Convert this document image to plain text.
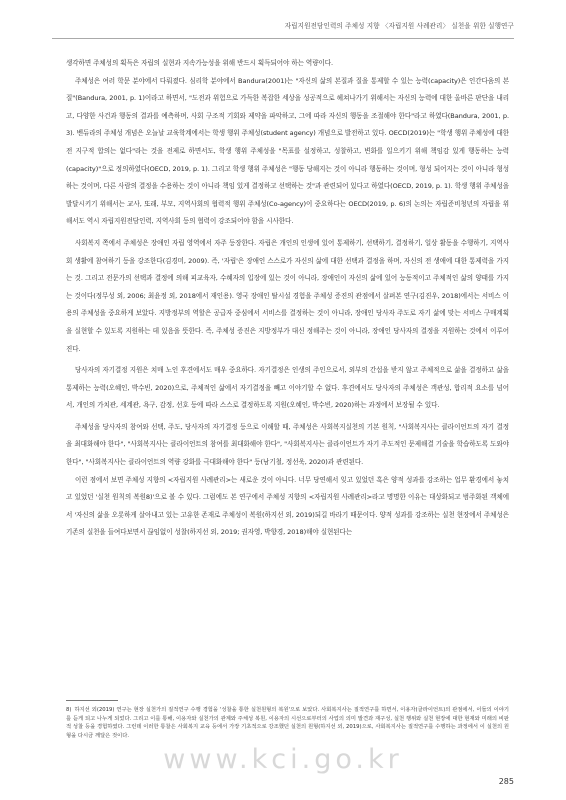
자립지원전담인력의 주체성 지향 〈자립지원 사례관리〉 실천을 위한 실행연구

생각하면 주체성의 획득은 자립의 실현과 지속가능성을 위해 반드시 획득되어야 하는 역량이다.

주체성은 여러 학문 분야에서 다뤄졌다. 심리학 분야에서 Bandura(2001)는 "자신의 삶의 본질과 질을 통제할 수 있는 능력(capacity)은 인간다움의 본질"(Bandura, 2001, p. 1)이라고 하면서, "도전과 위험으로 가득한 복잡한 세상을 성공적으로 헤쳐나가기 위해서는 자신의 능력에 대한 올바른 판단을 내리고, 다양한 사건과 행동의 결과를 예측하며, 사회 구조적 기회와 제약을 파악하고, 그에 따라 자신의 행동을 조절해야 한다"라고 하였다(Bandura, 2001, p. 3). 벤듀라의 주체성 개념은 오늘날 교육학계에서는 학생 행위 주체성(student agency) 개념으로 발전하고 있다. OECD(2019)는 "학생 행위 주체성에 대한 전 지구적 합의는 없다"라는 것을 전제로 하면서도, 학생 행위 주체성을 "목표를 설정하고, 성찰하고, 변화를 일으키기 위해 책임감 있게 행동하는 능력(capacity)"으로 정의하였다(OECD, 2019, p. 1). 그리고 학생 행위 주체성은 "행동 당해지는 것이 아니라 행동하는 것이며, 형성 되어지는 것이 아니라 형성하는 것이며, 다른 사람의 결정을 수용하는 것이 아니라 책임 있게 결정하고 선택하는 것"과 관련되어 있다고 하였다(OECD, 2019, p. 1). 학생 행위 주체성을 발달시키기 위해서는 교사, 또래, 부모, 지역사회의 협력적 행위 주체성(Co-agency)이 중요하다는 OECD(2019, p. 6)의 논의는 자립준비청년의 자립을 위해서도 역시 자립지원전담인력, 지역사회 등의 협력이 강조되어야 함을 시사한다.

사회복지 쪽에서 주체성은 장애인 자립 영역에서 자주 등장한다. 자립은 개인의 인생에 있어 통제하기, 선택하기, 결정하기, 일상 활동을 수행하기, 지역사회 생활에 참여하기 등을 강조한다(김경미, 2009). 즉, '자립'은 장애인 스스로가 자신의 삶에 대한 선택과 결정을 하며, 자신의 전 생애에 대한 통제력을 가지는 것. 그리고 전문가의 선택과 결정에 의해 피교육자, 수혜자의 입장에 있는 것이 아니라, 장애인이 자신의 삶에 있어 능동적이고 주체적인 삶의 양태를 가지는 것이다(정무성 외, 2006; 최윤정 외, 2018에서 재인용). 영국 장애인 탈시설 경험을 주체성 증진의 관점에서 살펴본 연구(김진우, 2018)에서는 서비스 이용의 주체성을 중요하게 보았다. 지방정부의 역할은 공급자 중심에서 서비스를 결정하는 것이 아니라, 장애인 당사자 주도로 자기 삶에 맞는 서비스 구매계획을 실현할 수 있도록 지원하는 데 있음을 뜻한다. 즉, 주체성 증진은 지방정부가 대신 정해주는 것이 아니라, 장애인 당사자의 결정을 지원하는 것에서 이루어진다.

당사자의 자기결정 지원은 치매 노인 후견에서도 매우 중요하다. 자기결정은 인생의 주인으로서, 외부의 간섭을 받지 않고 주체적으로 삶을 결정하고 삶을 통제하는 능력(오혜인, 박수빈, 2020)으로, 주체적인 삶에서 자기결정을 빼고 이야기할 수 없다. 후견에서도 당사자의 주체성은 객관성, 합리적 요소를 넘어서, 개인의 가치관, 세계관, 욕구, 감정, 선호 등에 따라 스스로 결정하도록 지원(오혜인, 박수빈, 2020)하는 과정에서 보장될 수 있다.

주체성을 당사자의 참여와 선택, 주도, 당사자의 자기결정 등으로 이해할 때, 주체성은 사회복지실천의 기본 원칙, "사회복지사는 클라이언트의 자기 결정을 최대화해야 한다", "사회복지사는 클라이언트의 참여를 최대화해야 한다", "사회복지사는 클라이언트가 자기 주도적인 문제해결 기술을 학습하도록 도와야 한다", "사회복지사는 클라이언트의 역량 강화를 극대화해야 한다" 등(남기철, 정선욱, 2020)과 관련된다.

이런 점에서 보면 주체성 지향의 <자립지원 사례관리>는 새로운 것이 아니다. 너무 당연해서 잊고 있었던 혹은 양적 성과를 강조하는 업무 환경에서 놓치고 있었던 '실천 원칙의 복원8)'으로 볼 수 있다. 그럼에도 본 연구에서 주체성 지향의 <자립지원 사례관리>라고 명명한 이유는 대상화되고 범주화된 객체에서 '자신의 삶을 오롯하게 살아내고 있는 고유한 존재로 주체성이 복원(하지선 외, 2019)되길 바라기 때문이다. 양적 성과를 강조하는 실천 현장에서 주체성은 기존의 실천을 들여다보면서 끊임없이 성찰(하지선 외, 2019; 권자영, 박향경, 2018)해야 실현된다는

8) 하지선 외(2019) 연구는 현장 실천가의 질적연구 수행 경험을 '성찰을 통한 실천원형의 복원'으로 보았다. 사회복지사는 질적연구를 하면서, 이용자(클라이언트)의 관점에서, 이들의 이야기를 듣게 되고 나누게 되었다. 그리고 이를 통해, 이용자와 실천가의 관계와 주체성 복원, 이용자의 시선으로부터의 사업의 의미 발견과 재구성, 실천 행위와 실천 현장에 대한 현재와 미래의 비판적 성찰 등을 경험하였다. 그런데 이러한 통찰은 사회복지 교육 등에서 가장 기초적으로 강조했던 실천의 원형(하지선 외, 2019)으로, 사회복지사는 질적연구를 수행하는 과정에서 이 실천의 원형을 다시금 깨달은 것이다.
www.kci.go.kr
285
